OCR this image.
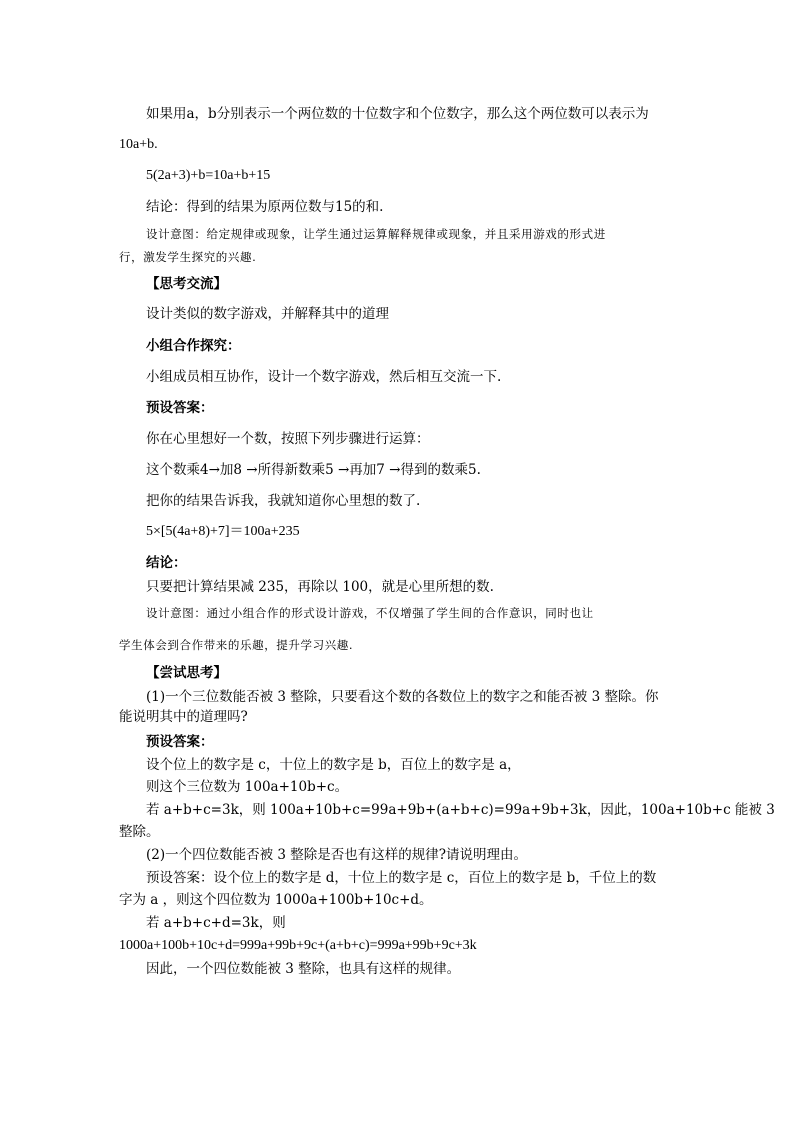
如果用a，b分别表示一个两位数的十位数字和个位数字，那么这个两位数可以表示为
10a+b.
5(2a+3)+b=10a+b+15
结论：得到的结果为原两位数与15的和.
设计意图：给定规律或现象，让学生通过运算解释规律或现象，并且采用游戏的形式进
行，激发学生探究的兴趣.
【思考交流】
设计类似的数字游戏，并解释其中的道理
小组合作探究：
小组成员相互协作，设计一个数字游戏，然后相互交流一下.
预设答案：
你在心里想好一个数，按照下列步骤进行运算：
这个数乘4→加8 →所得新数乘5 →再加7 →得到的数乘5.
把你的结果告诉我，我就知道你心里想的数了.
5×[5(4a+8)+7]＝100a+235
结论：
只要把计算结果减 235，再除以 100，就是心里所想的数.
设计意图：通过小组合作的形式设计游戏，不仅增强了学生间的合作意识，同时也让
学生体会到合作带来的乐趣，提升学习兴趣.
【尝试思考】
(1)一个三位数能否被 3 整除，只要看这个数的各数位上的数字之和能否被 3 整除。你
能说明其中的道理吗?
预设答案：
设个位上的数字是 c，十位上的数字是 b，百位上的数字是 a，
则这个三位数为 100a+10b+c。
若 a+b+c=3k，则 100a+10b+c=99a+9b+(a+b+c)=99a+9b+3k，因此，100a+10b+c 能被 3
整除。
(2)一个四位数能否被 3 整除是否也有这样的规律?请说明理由。
预设答案：设个位上的数字是 d，十位上的数字是 c，百位上的数字是 b，千位上的数
字为 a ，则这个四位数为 1000a+100b+10c+d。
若 a+b+c+d=3k，则
1000a+100b+10c+d=999a+99b+9c+(a+b+c)=999a+99b+9c+3k
因此，一个四位数能被 3 整除，也具有这样的规律。
